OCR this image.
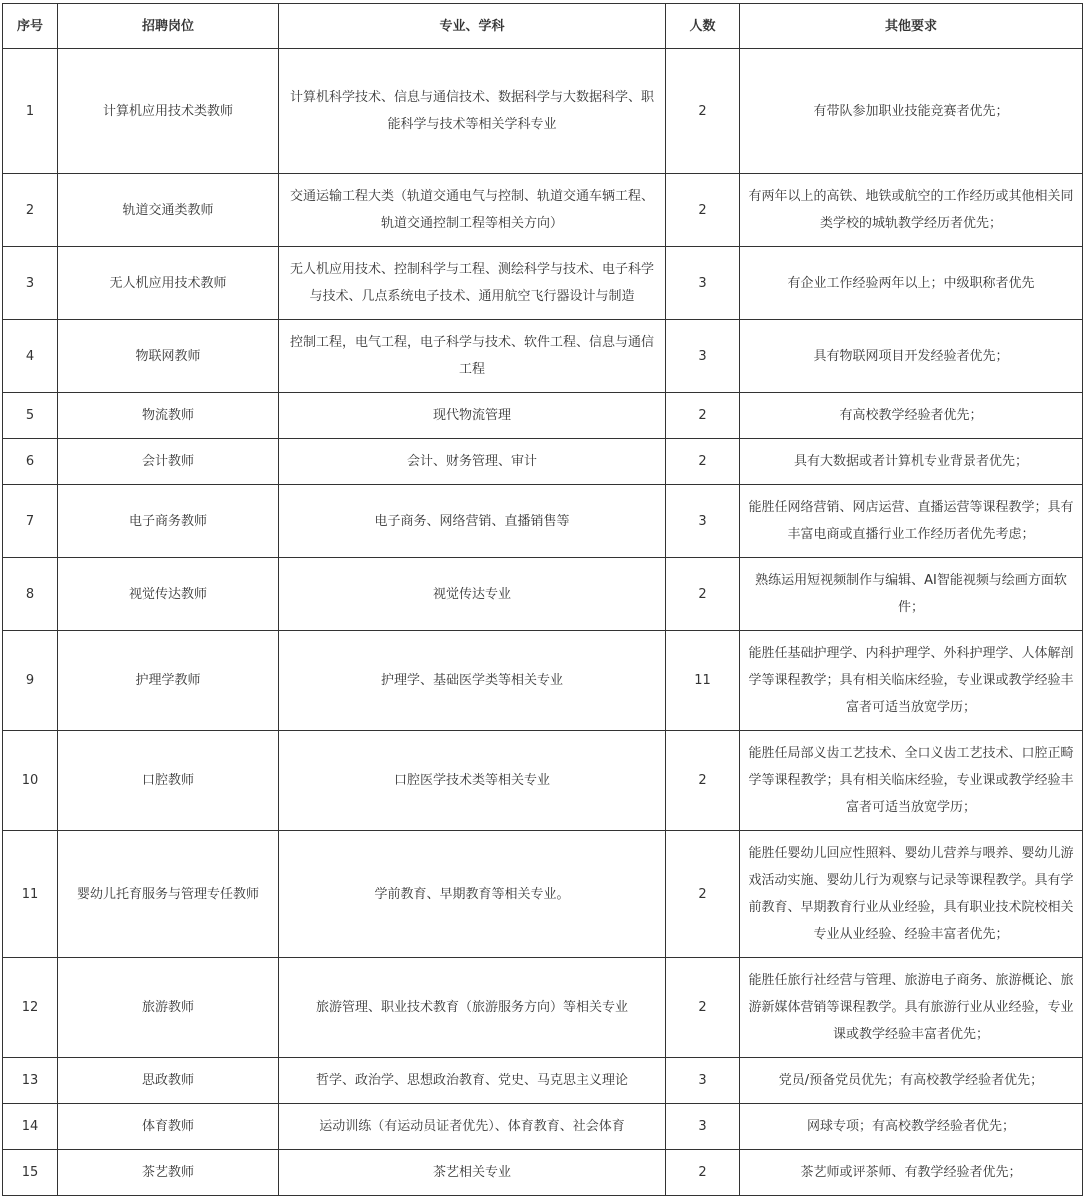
序号	招聘岗位	专业、学科	人数	其他要求
1	计算机应用技术类教师	计算机科学技术、信息与通信技术、数据科学与大数据科学、职能科学与技术等相关学科专业	2	有带队参加职业技能竞赛者优先；
2	轨道交通类教师	交通运输工程大类（轨道交通电气与控制、轨道交通车辆工程、轨道交通控制工程等相关方向）	2	有两年以上的高铁、地铁或航空的工作经历或其他相关同类学校的城轨教学经历者优先；
3	无人机应用技术教师	无人机应用技术、控制科学与工程、测绘科学与技术、电子科学与技术、几点系统电子技术、通用航空飞行器设计与制造	3	有企业工作经验两年以上；中级职称者优先
4	物联网教师	控制工程，电气工程，电子科学与技术、软件工程、信息与通信工程	3	具有物联网项目开发经验者优先；
5	物流教师	现代物流管理	2	有高校教学经验者优先；
6	会计教师	会计、财务管理、审计	2	具有大数据或者计算机专业背景者优先；
7	电子商务教师	电子商务、网络营销、直播销售等	3	能胜任网络营销、网店运营、直播运营等课程教学；具有丰富电商或直播行业工作经历者优先考虑；
8	视觉传达教师	视觉传达专业	2	熟练运用短视频制作与编辑、AI智能视频与绘画方面软件；
9	护理学教师	护理学、基础医学类等相关专业	11	能胜任基础护理学、内科护理学、外科护理学、人体解剖学等课程教学；具有相关临床经验，专业课或教学经验丰富者可适当放宽学历；
10	口腔教师	口腔医学技术类等相关专业	2	能胜任局部义齿工艺技术、全口义齿工艺技术、口腔正畸学等课程教学；具有相关临床经验，专业课或教学经验丰富者可适当放宽学历；
11	婴幼儿托育服务与管理专任教师	学前教育、早期教育等相关专业。	2	能胜任婴幼儿回应性照料、婴幼儿营养与喂养、婴幼儿游戏活动实施、婴幼儿行为观察与记录等课程教学。具有学前教育、早期教育行业从业经验，具有职业技术院校相关专业从业经验、经验丰富者优先；
12	旅游教师	旅游管理、职业技术教育（旅游服务方向）等相关专业	2	能胜任旅行社经营与管理、旅游电子商务、旅游概论、旅游新媒体营销等课程教学。具有旅游行业从业经验，专业课或教学经验丰富者优先；
13	思政教师	哲学、政治学、思想政治教育、党史、马克思主义理论	3	党员/预备党员优先；有高校教学经验者优先；
14	体育教师	运动训练（有运动员证者优先）、体育教育、社会体育	3	网球专项；有高校教学经验者优先；
15	茶艺教师	茶艺相关专业	2	茶艺师或评茶师、有教学经验者优先；
